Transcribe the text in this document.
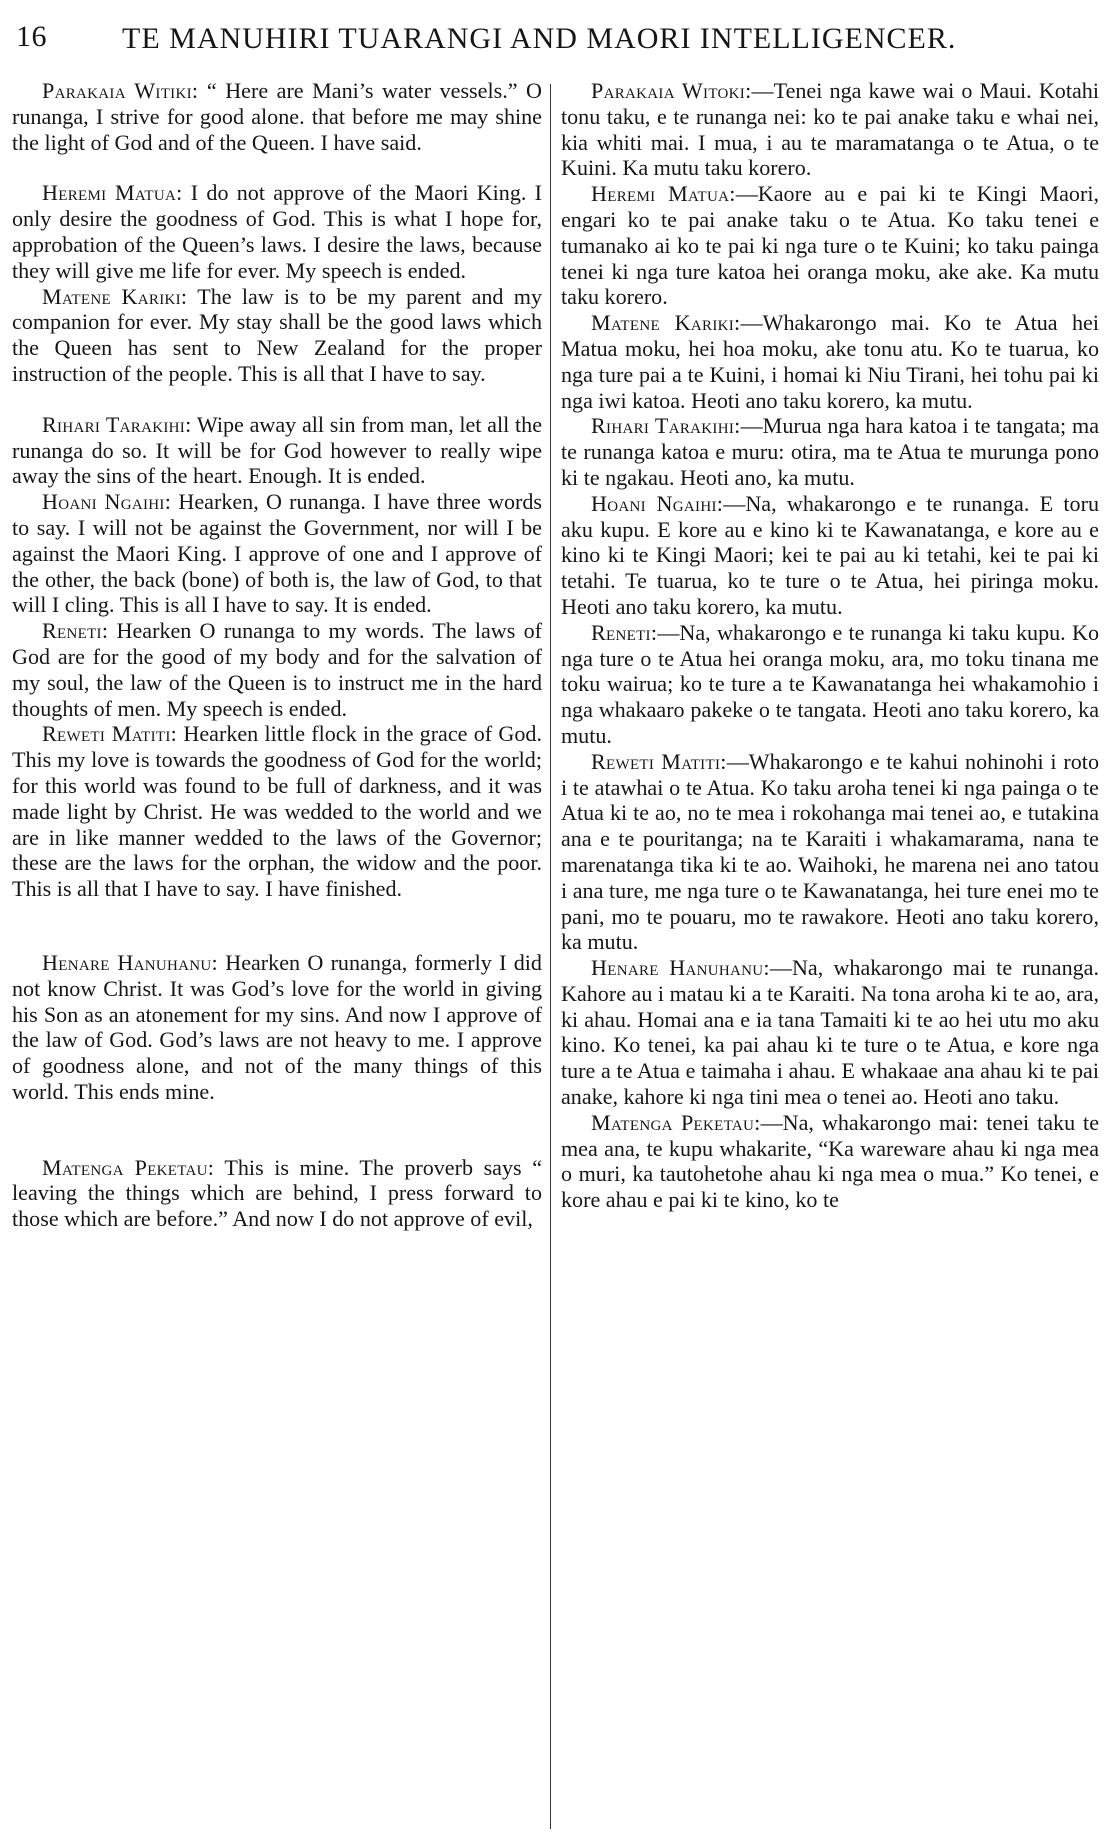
16	TE MANUHIRI TUARANGI AND MAORI INTELLIGENCER.

Parakaia Witiki: “ Here are Mani’s water vessels.” O runanga, I strive for good alone. that before me may shine the light of God and of the Queen. I have said.

Heremi Matua: I do not approve of the Maori King. I only desire the goodness of God. This is what I hope for, approbation of the Queen’s laws. I desire the laws, because they will give me life for ever. My speech is ended.

Matene Kariki: The law is to be my parent and my companion for ever. My stay shall be the good laws which the Queen has sent to New Zealand for the proper instruction of the people. This is all that I have to say.

Rihari Tarakihi: Wipe away all sin from man, let all the runanga do so. It will be for God however to really wipe away the sins of the heart. Enough. It is ended.

Hoani Ngaihi: Hearken, O runanga. I have three words to say. I will not be against the Government, nor will I be against the Maori King. I approve of one and I approve of the other, the back (bone) of both is, the law of God, to that will I cling. This is all I have to say. It is ended.

Reneti: Hearken O runanga to my words. The laws of God are for the good of my body and for the salvation of my soul, the law of the Queen is to instruct me in the hard thoughts of men. My speech is ended.

Reweti Matiti: Hearken little flock in the grace of God. This my love is towards the goodness of God for the world; for this world was found to be full of darkness, and it was made light by Christ. He was wedded to the world and we are in like manner wedded to the laws of the Governor; these are the laws for the orphan, the widow and the poor. This is all that I have to say. I have finished.

Henare Hanuhanu: Hearken O runanga, formerly I did not know Christ. It was God’s love for the world in giving his Son as an atonement for my sins. And now I approve of the law of God. God’s laws are not heavy to me. I approve of goodness alone, and not of the many things of this world. This ends mine.

Matenga Peketau: This is mine. The proverb says “ leaving the things which are behind, I press forward to those which are before.” And now I do not approve of evil,

Parakaia Witoki:—Tenei nga kawe wai o Maui. Kotahi tonu taku, e te runanga nei: ko te pai anake taku e whai nei, kia whiti mai. I mua, i au te maramatanga o te Atua, o te Kuini. Ka mutu taku korero.

Heremi Matua:—Kaore au e pai ki te Kingi Maori, engari ko te pai anake taku o te Atua. Ko taku tenei e tumanako ai ko te pai ki nga ture o te Kuini; ko taku painga tenei ki nga ture katoa hei oranga moku, ake ake. Ka mutu taku korero.

Matene Kariki:—Whakarongo mai. Ko te Atua hei Matua moku, hei hoa moku, ake tonu atu. Ko te tuarua, ko nga ture pai a te Kuini, i homai ki Niu Tirani, hei tohu pai ki nga iwi katoa. Heoti ano taku korero, ka mutu.

Rihari Tarakihi:—Murua nga hara katoa i te tangata; ma te runanga katoa e muru: otira, ma te Atua te murunga pono ki te ngakau. Heoti ano, ka mutu.

Hoani Ngaihi:—Na, whakarongo e te runanga. E toru aku kupu. E kore au e kino ki te Kawanatanga, e kore au e kino ki te Kingi Maori; kei te pai au ki tetahi, kei te pai ki tetahi. Te tuarua, ko te ture o te Atua, hei piringa moku. Heoti ano taku korero, ka mutu.

Reneti:—Na, whakarongo e te runanga ki taku kupu. Ko nga ture o te Atua hei oranga moku, ara, mo toku tinana me toku wairua; ko te ture a te Kawanatanga hei whakamohio i nga whakaaro pakeke o te tangata. Heoti ano taku korero, ka mutu.

Reweti Matiti:—Whakarongo e te kahui nohinohi i roto i te atawhai o te Atua. Ko taku aroha tenei ki nga painga o te Atua ki te ao, no te mea i rokohanga mai tenei ao, e tutakina ana e te pouritanga; na te Karaiti i whakamarama, nana te marenatanga tika ki te ao. Waihoki, he marena nei ano tatou i ana ture, me nga ture o te Kawanatanga, hei ture enei mo te pani, mo te pouaru, mo te rawakore. Heoti ano taku korero, ka mutu.

Henare Hanuhanu:—Na, whakarongo mai te runanga. Kahore au i matau ki a te Karaiti. Na tona aroha ki te ao, ara, ki ahau. Homai ana e ia tana Tamaiti ki te ao hei utu mo aku kino. Ko tenei, ka pai ahau ki te ture o te Atua, e kore nga ture a te Atua e taimaha i ahau. E whakaae ana ahau ki te pai anake, kahore ki nga tini mea o tenei ao. Heoti ano taku.

Matenga Peketau:—Na, whakarongo mai: tenei taku te mea ana, te kupu whakarite, “Ka wareware ahau ki nga mea o muri, ka tautohetohe ahau ki nga mea o mua.” Ko tenei, e kore ahau e pai ki te kino, ko te
